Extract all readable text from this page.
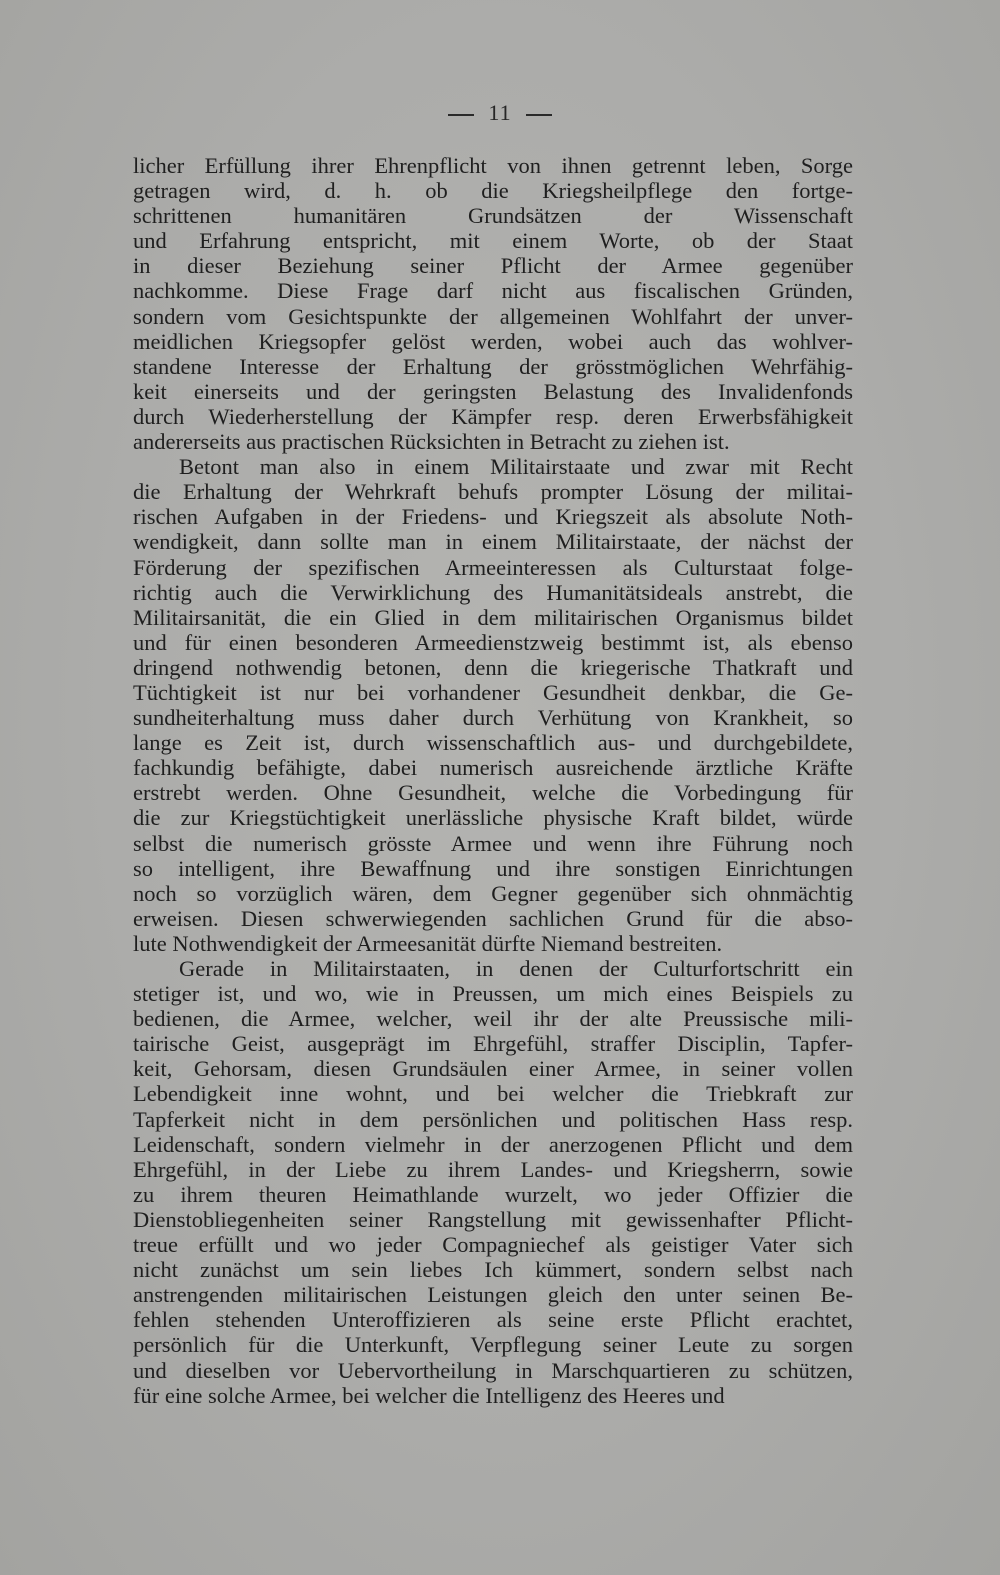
11
licher Erfüllung ihrer Ehrenpflicht von ihnen getrennt leben, Sorge
getragen wird, d. h. ob die Kriegsheilpflege den fortge-
schrittenen humanitären Grundsätzen der Wissenschaft
und Erfahrung entspricht, mit einem Worte, ob der Staat
in dieser Beziehung seiner Pflicht der Armee gegenüber
nachkomme. Diese Frage darf nicht aus fiscalischen Gründen,
sondern vom Gesichtspunkte der allgemeinen Wohlfahrt der unver-
meidlichen Kriegsopfer gelöst werden, wobei auch das wohlver-
standene Interesse der Erhaltung der grösstmöglichen Wehrfähig-
keit einerseits und der geringsten Belastung des Invalidenfonds
durch Wiederherstellung der Kämpfer resp. deren Erwerbsfähigkeit
andererseits aus practischen Rücksichten in Betracht zu ziehen ist.
Betont man also in einem Militairstaate und zwar mit Recht
die Erhaltung der Wehrkraft behufs prompter Lösung der militai-
rischen Aufgaben in der Friedens- und Kriegszeit als absolute Noth-
wendigkeit, dann sollte man in einem Militairstaate, der nächst der
Förderung der spezifischen Armeeinteressen als Culturstaat folge-
richtig auch die Verwirklichung des Humanitätsideals anstrebt, die
Militairsanität, die ein Glied in dem militairischen Organismus bildet
und für einen besonderen Armeedienstzweig bestimmt ist, als ebenso
dringend nothwendig betonen, denn die kriegerische Thatkraft und
Tüchtigkeit ist nur bei vorhandener Gesundheit denkbar, die Ge-
sundheiterhaltung muss daher durch Verhütung von Krankheit, so
lange es Zeit ist, durch wissenschaftlich aus- und durchgebildete,
fachkundig befähigte, dabei numerisch ausreichende ärztliche Kräfte
erstrebt werden. Ohne Gesundheit, welche die Vorbedingung für
die zur Kriegstüchtigkeit unerlässliche physische Kraft bildet, würde
selbst die numerisch grösste Armee und wenn ihre Führung noch
so intelligent, ihre Bewaffnung und ihre sonstigen Einrichtungen
noch so vorzüglich wären, dem Gegner gegenüber sich ohnmächtig
erweisen. Diesen schwerwiegenden sachlichen Grund für die abso-
lute Nothwendigkeit der Armeesanität dürfte Niemand bestreiten.
Gerade in Militairstaaten, in denen der Culturfortschritt ein
stetiger ist, und wo, wie in Preussen, um mich eines Beispiels zu
bedienen, die Armee, welcher, weil ihr der alte Preussische mili-
tairische Geist, ausgeprägt im Ehrgefühl, straffer Disciplin, Tapfer-
keit, Gehorsam, diesen Grundsäulen einer Armee, in seiner vollen
Lebendigkeit inne wohnt, und bei welcher die Triebkraft zur
Tapferkeit nicht in dem persönlichen und politischen Hass resp.
Leidenschaft, sondern vielmehr in der anerzogenen Pflicht und dem
Ehrgefühl, in der Liebe zu ihrem Landes- und Kriegsherrn, sowie
zu ihrem theuren Heimathlande wurzelt, wo jeder Offizier die
Dienstobliegenheiten seiner Rangstellung mit gewissenhafter Pflicht-
treue erfüllt und wo jeder Compagniechef als geistiger Vater sich
nicht zunächst um sein liebes Ich kümmert, sondern selbst nach
anstrengenden militairischen Leistungen gleich den unter seinen Be-
fehlen stehenden Unteroffizieren als seine erste Pflicht erachtet,
persönlich für die Unterkunft, Verpflegung seiner Leute zu sorgen
und dieselben vor Uebervortheilung in Marschquartieren zu schützen,
für eine solche Armee, bei welcher die Intelligenz des Heeres und
